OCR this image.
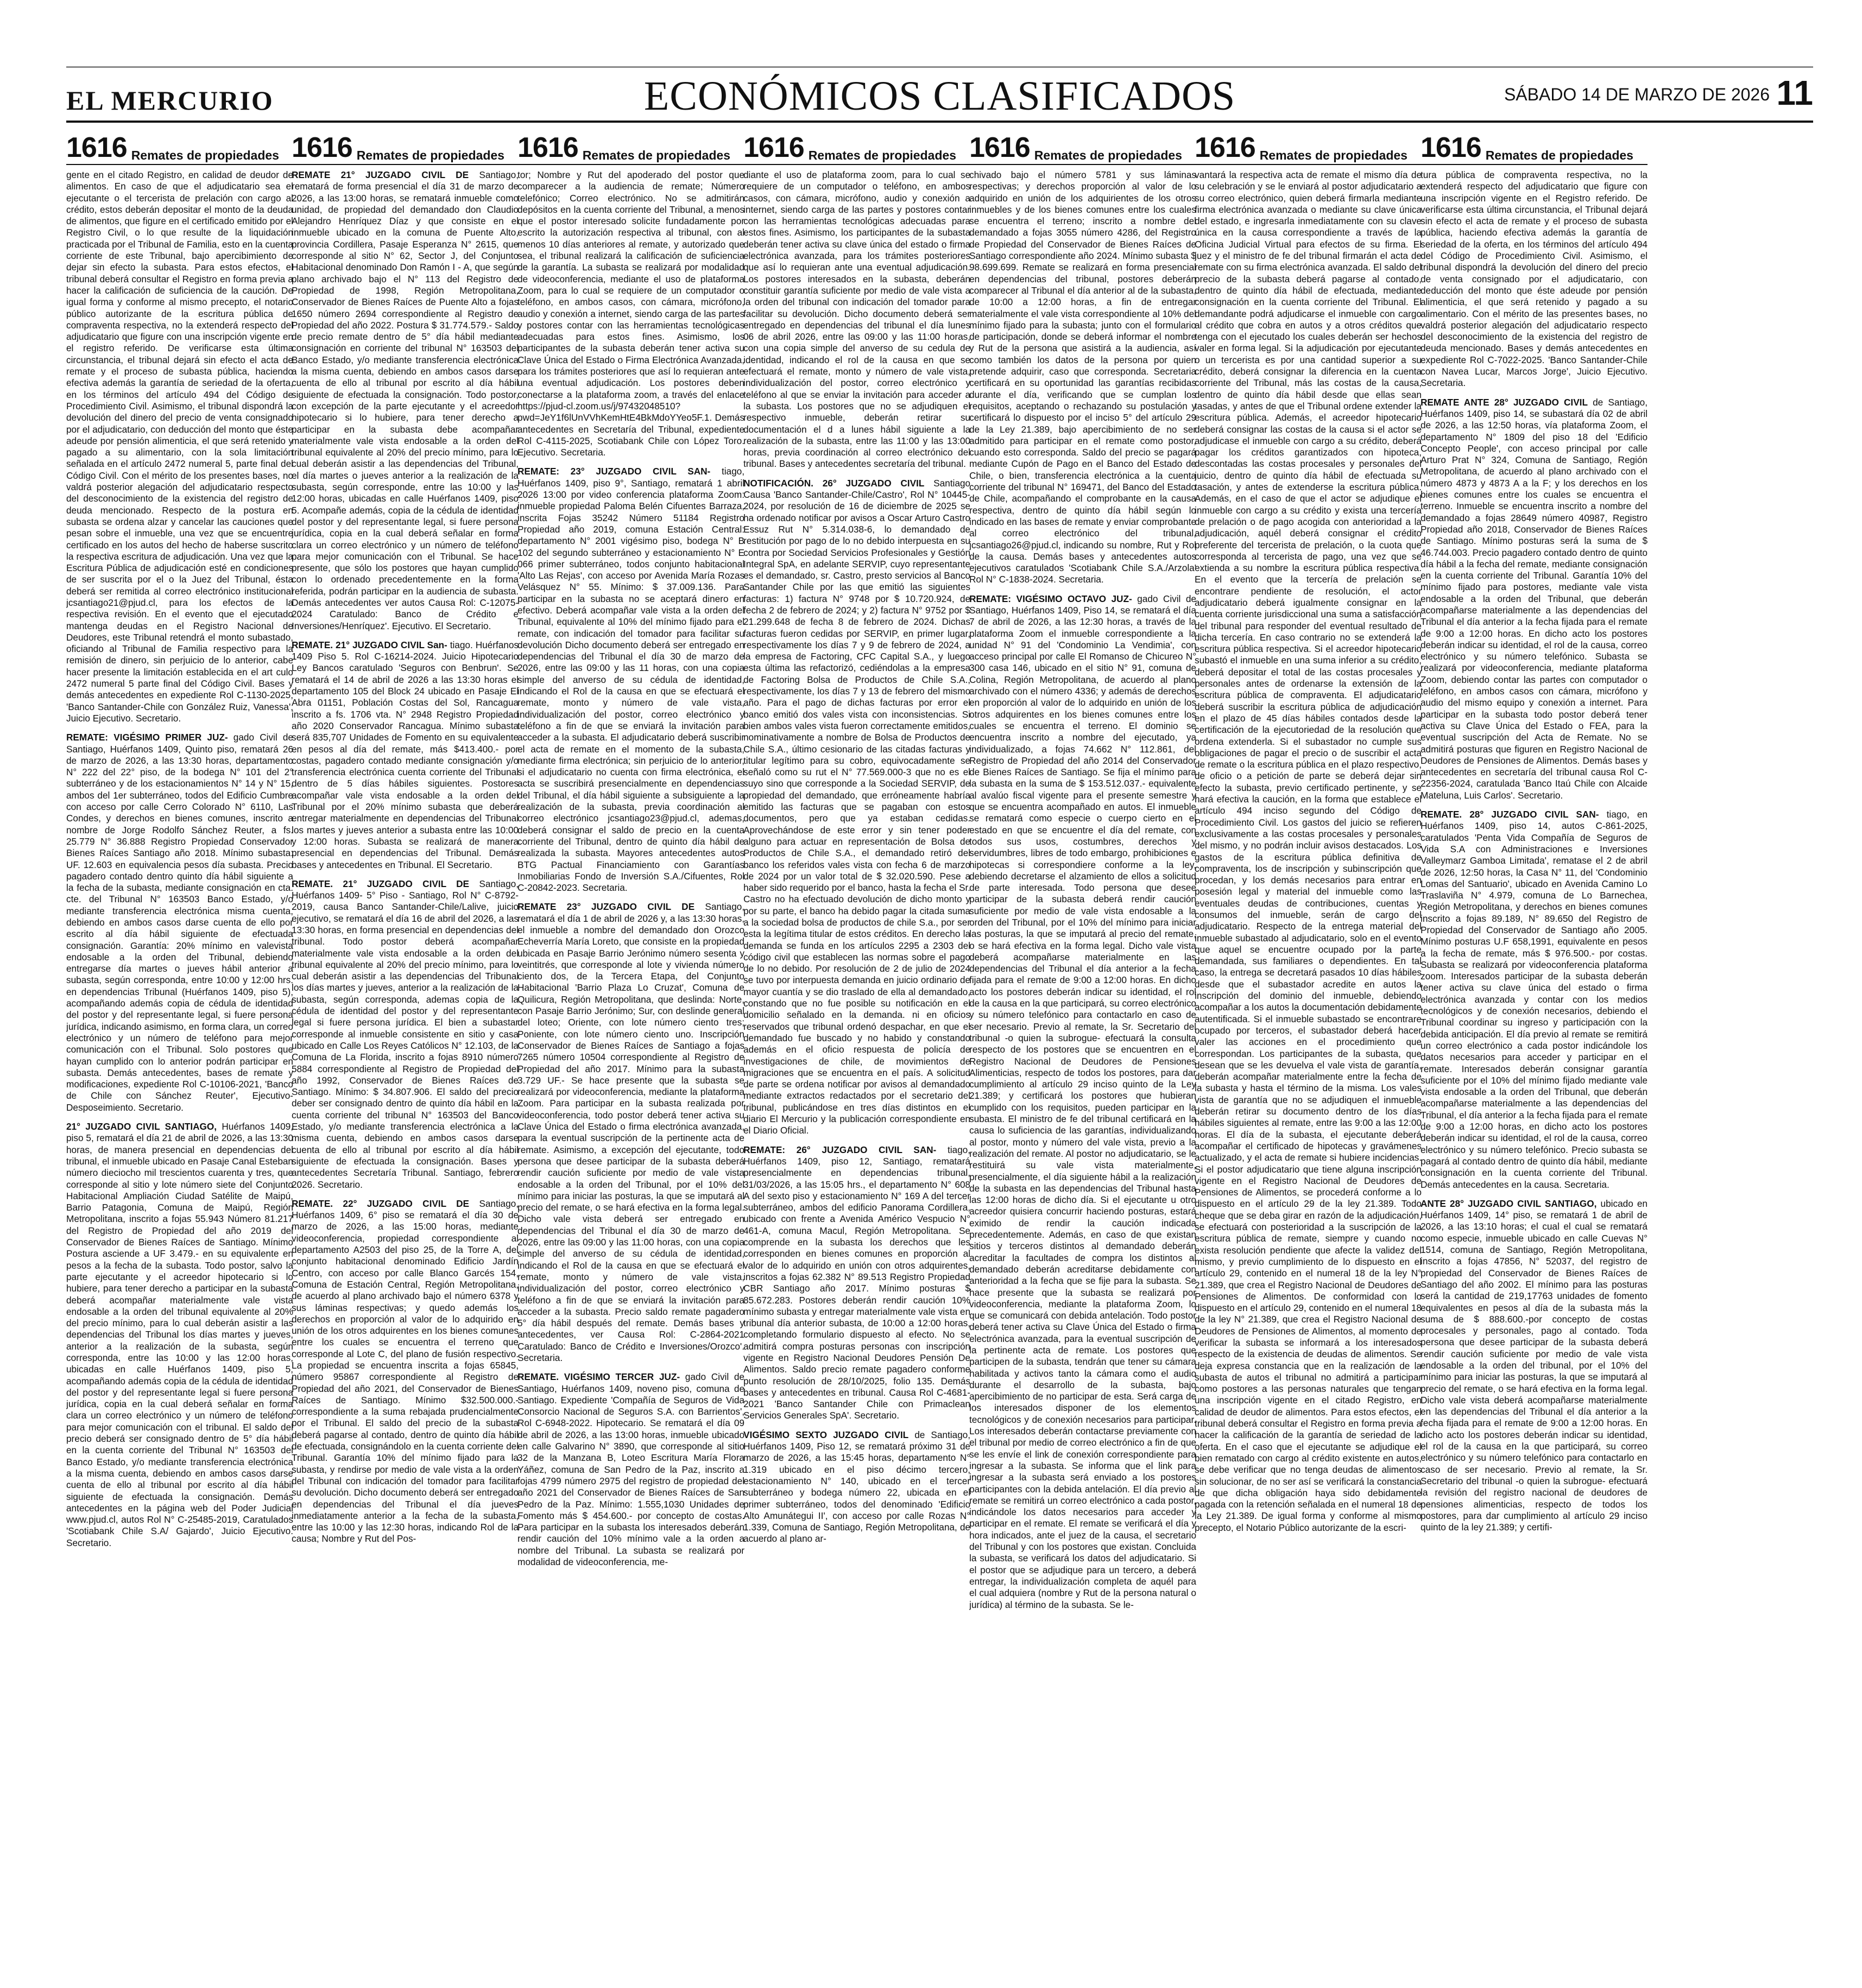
EL MERCURIO	ECONÓMICOS CLASIFICADOS	SÁBADO 14 DE MARZO DE 2026 11
1616 Remates de propiedades

gente en el citado Registro, en calidad de deudor de alimentos. En caso de que el adjudicatario sea el ejecutante o el tercerista de prelación con cargo al crédito, estos deberán depositar el monto de la deuda de alimentos, que figure en el certificado emitido por el Registro Civil, o lo que resulte de la liquidación practicada por el Tribunal de Familia, esto en la cuenta corriente de este Tribunal, bajo apercibimiento de dejar sin efecto la subasta. Para estos efectos, el tribunal deberá consultar el Registro en forma previa a hacer la calificación de suficiencia de la caución. De igual forma y conforme al mismo precepto, el notario público autorizante de la escritura pública de compraventa respectiva, no la extenderá respecto del adjudicatario que figure con una inscripción vigente en el registro referido. De verificarse esta última circunstancia, el tribunal dejará sin efecto el acta de remate y el proceso de subasta pública, haciendo efectiva además la garantía de seriedad de la oferta, en los términos del artículo 494 del Código de Procedimiento Civil. Asimismo, el tribunal dispondrá la devolución del dinero del precio de venta consignado por el adjudicatario, con deducción del monto que éste adeude por pensión alimenticia, el que será retenido y pagado a su alimentario, con la sola limitación señalada en el artículo 2472 numeral 5, parte final del Código Civil. Con el mérito de los presentes bases, no valdrá posterior alegación del adjudicatario respecto del desconocimiento de la existencia del registro de deuda mencionado. Respecto de la postura en subasta se ordena alzar y cancelar las cauciones que pesan sobre el inmueble, una vez que se encuentre certificado en los autos del hecho de haberse suscrito la respectiva escritura de adjudicación. Una vez que la Escritura Pública de adjudicación esté en condiciones de ser suscrita por el o la Juez del Tribunal, ésta deberá ser remitida al correo electrónico institucional jcsantiago21@pjud.cl, para los efectos de la respectiva revisión. En el evento que el ejecutado mantenga deudas en el Registro Nacional de Deudores, este Tribunal retendrá el monto subastado, oficiando al Tribunal de Familia respectivo para la remisión de dinero, sin perjuicio de lo anterior, cabe hacer presente la limitación establecida en el art culo 2472 numeral 5 parte final del Código Civil. Bases y demás antecedentes en expediente Rol C-1130-2025, 'Banco Santander-Chile con González Ruiz, Vanessa', Juicio Ejecutivo. Secretario.

REMATE: VIGÉSIMO PRIMER JUZ- gado Civil de Santiago, Huérfanos 1409, Quinto piso, rematará 26 de marzo de 2026, a las 13:30 horas, departamento N° 222 del 22° piso, de la bodega N° 101 del 2° subterráneo y de los estacionamientos N° 14 y N° 15, ambos del 1er subterráneo, todos del Edificio Cumbre con acceso por calle Cerro Colorado N° 6110, Las Condes, y derechos en bienes comunes, inscrito a nombre de Jorge Rodolfo Sánchez Reuter, a fs. 25.779 N° 36.888 Registro Propiedad Conservador Bienes Raíces Santiago año 2018. Mínimo subasta: UF. 12.603 en equivalencia pesos día subasta. Precio pagadero contado dentro quinto día hábil siguiente a la fecha de la subasta, mediante consignación en cta. cte. del Tribunal N° 163503 Banco Estado, y/o mediante transferencia electrónica misma cuenta, debiendo en ambos casos darse cuenta de ello por escrito al día hábil siguiente de efectuada consignación. Garantía: 20% mínimo en valevista endosable a la orden del Tribunal, debiendo entregarse día martes o jueves hábil anterior a subasta, según corresponda, entre 10:00 y 12:00 hrs. en dependencias Tribunal (Huérfanos 1409, piso 5), acompañando además copia de cédula de identidad del postor y del representante legal, si fuere persona jurídica, indicando asimismo, en forma clara, un correo electrónico y un número de teléfono para mejor comunicación con el Tribunal. Solo postores que hayan cumplido con lo anterior podrán participar en subasta. Demás antecedentes, bases de remate y modificaciones, expediente Rol C-10106-2021, 'Banco de Chile con Sánchez Reuter', Ejecutivo-Desposeimiento. Secretario.

21° JUZGADO CIVIL SANTIAGO, Huérfanos 1409, piso 5, rematará el día 21 de abril de 2026, a las 13:30 horas, de manera presencial en dependencias del tribunal, el inmueble ubicado en Pasaje Canal Esteban número dieciocho mil trescientos cuarenta y tres, que corresponde al sitio y lote número siete del Conjunto Habitacional Ampliación Ciudad Satélite de Maipú, Barrio Patagonia, Comuna de Maipú, Región Metropolitana, inscrito a fojas 55.943 Número 81.217 del Registro de Propiedad del año 2019 del Conservador de Bienes Raíces de Santiago. Mínimo Postura asciende a UF 3.479.- en su equivalente en pesos a la fecha de la subasta. Todo postor, salvo la parte ejecutante y el acreedor hipotecario si lo hubiere, para tener derecho a participar en la subasta deberá acompañar materialmente vale vista endosable a la orden del tribunal equivalente al 20% del precio mínimo, para lo cual deberán asistir a las dependencias del Tribunal los días martes y jueves, anterior a la realización de la subasta, según corresponda, entre las 10:00 y las 12:00 horas, ubicadas en calle Huérfanos 1409, piso 5, acompañando además copia de la cédula de identidad del postor y del representante legal si fuere persona jurídica, copia en la cual deberá señalar en forma clara un correo electrónico y un número de teléfono para mejor comunicación con el tribunal. El saldo del precio deberá ser consignado dentro de 5° día hábil en la cuenta corriente del Tribunal N° 163503 del Banco Estado, y/o mediante transferencia electrónica a la misma cuenta, debiendo en ambos casos darse cuenta de ello al tribunal por escrito al día hábil siguiente de efectuada la consignación. Demás antecedentes en la página web del Poder Judicial www.pjud.cl, autos Rol N° C-25485-2019, Caratulados 'Scotiabank Chile S.A/ Gajardo', Juicio Ejecutivo. Secretario.

1616 Remates de propiedades

REMATE 21° JUZGADO CIVIL DE Santiago, rematará de forma presencial el día 31 de marzo de 2026, a las 13:00 horas, se rematará inmueble como unidad, de propiedad del demandado don Claudio Alejandro Henríquez Díaz y que consiste en el inmueble ubicado en la comuna de Puente Alto, provincia Cordillera, Pasaje Esperanza N° 2615, que corresponde al sitio N° 62, Sector J, del Conjunto Habitacional denominado Don Ramón I - A, que según plano archivado bajo el N° 113 del Registro de Propiedad de 1998, Región Metropolitana, Conservador de Bienes Raíces de Puente Alto a fojas 1650 número 2694 correspondiente al Registro de Propiedad del año 2022. Postura $ 31.774.579.- Saldo de precio remate dentro de 5° día hábil mediante consignación en corriente del tribunal N° 163503 del Banco Estado, y/o mediante transferencia electrónica a la misma cuenta, debiendo en ambos casos darse cuenta de ello al tribunal por escrito al día hábil siguiente de efectuada la consignación. Todo postor, con excepción de la parte ejecutante y el acreedor hipotecario si lo hubiere, para tener derecho a participar en la subasta debe acompañar materialmente vale vista endosable a la orden del tribunal equivalente al 20% del precio mínimo, para lo cual deberán asistir a las dependencias del Tribunal, el día martes o jueves anterior a la realización de la subasta, según corresponde, entre las 10:00 y las 12:00 horas, ubicadas en calle Huérfanos 1409, piso 5. Acompañe además, copia de la cédula de identidad del postor y del representante legal, si fuere persona jurídica, copia en la cual deberá señalar en forma clara un correo electrónico y un número de teléfono para mejor comunicación con el Tribunal. Se hace presente, que sólo los postores que hayan cumplido con lo ordenado precedentemente en la forma referida, podrán participar en la audiencia de subasta. Demás antecedentes ver autos Causa Rol: C-12075-2024 Caratulado: Banco de Crédito e Inversiones/Henríquez'. Ejecutivo. El Secretario.

REMATE. 21° JUZGADO CIVIL San- tiago. Huérfanos 1409 Piso 5. Rol C-16214-2024. Juicio Hipotecario Ley Bancos caratulado 'Seguros con Benbrun'. Se rematará el 14 de abril de 2026 a las 13:30 horas el departamento 105 del Block 24 ubicado en Pasaje El Abra 01151, Población Costas del Sol, Rancagua inscrito a fs. 1706 vta. N° 2948 Registro Propiedad año 2020 Conservador Rancagua. Mínimo subasta será 835,707 Unidades de Fomento en su equivalente en pesos al día del remate, más $413.400.- por costas, pagadero contado mediante consignación y/o transferencia electrónica cuenta corriente del Tribunal dentro de 5 días hábiles siguientes. Postores acompañar vale vista endosable a la orden del Tribunal por el 20% mínimo subasta que deberá entregar materialmente en dependencias del Tribunal los martes y jueves anterior a subasta entre las 10:00 y 12:00 horas. Subasta se realizará de manera presencial en dependencias del Tribunal. Demás bases y antecedentes en Tribunal. El Secretario.

REMATE. 21° JUZGADO CIVIL DE Santiago, Huérfanos 1409- 5° Piso - Santiago, Rol N° C-8792-2019, causa Banco Santander-Chile/Lalive, juicio ejecutivo, se rematará el día 16 de abril del 2026, a las 13:30 horas, en forma presencial en dependencias del tribunal. Todo postor deberá acompañar materialmente vale vista endosable a la orden del tribunal equivalente al 20% del precio mínimo, para lo cual deberán asistir a las dependencias del Tribunal los días martes y jueves, anterior a la realización de la subasta, según corresponda, ademas copia de la cédula de identidad del postor y del representante legal si fuere persona jurídica. El bien a subastar corresponde al inmueble consistente en sitio y casa ubicado en Calle Los Reyes Católicos N° 12.103, de la Comuna de La Florida, inscrito a fojas 8910 número 5884 correspondiente al Registro de Propiedad del año 1992, Conservador de Bienes Raíces de Santiago. Mínimo: $ 34.807.906. El saldo del precio deber ser consignado dentro de quinto día hábil en la cuenta corriente del tribunal N° 163503 del Banco Estado, y/o mediante transferencia electrónica a la misma cuenta, debiendo en ambos casos darse cuenta de ello al tribunal por escrito al día hábil siguiente de efectuada la consignación. Bases y antecedentes Secretaría Tribunal. Santiago, febrero 2026. Secretario.

REMATE. 22° JUZGADO CIVIL DE Santiago, Huérfanos 1409, 6° piso se rematará el día 30 de marzo de 2026, a las 15:00 horas, mediante videoconferencia, propiedad correspondiente al departamento A2503 del piso 25, de la Torre A, del conjunto habitacional denominado Edificio Jardín Centro, con acceso por calle Blanco Garcés 154, Comuna de Estación Central, Región Metropolitana, de acuerdo al plano archivado bajo el número 6378 y sus láminas respectivas; y quedo además los derechos en proporción al valor de lo adquirido en unión de los otros adquirentes en los bienes comunes entre los cuales se encuentra el terreno que corresponde al Lote C, del plano de fusión respectivo. La propiedad se encuentra inscrita a fojas 65845, número 95867 correspondiente al Registro de Propiedad del año 2021, del Conservador de Bienes Raíces de Santiago. Mínimo $32.500.000.- correspondiente a la suma rebajada prudencialmente por el Tribunal. El saldo del precio de la subasta deberá pagarse al contado, dentro de quinto día hábil de efectuada, consignándolo en la cuenta corriente del Tribunal. Garantía 10% del mínimo fijado para la subasta, y rendirse por medio de vale vista a la orden del Tribunal con indicación del tomador para facilitar su devolución. Dicho documento deberá ser entregado en dependencias del Tribunal el día jueves inmediatamente anterior a la fecha de la subasta, entre las 10:00 y las 12:30 horas, indicando Rol de la causa; Nombre y Rut del Pos-

1616 Remates de propiedades

tor; Nombre y Rut del apoderado del postor que comparecer a la audiencia de remate; Número telefónico; Correo electrónico. No se admitirán depósitos en la cuenta corriente del Tribunal, a menos que el postor interesado solicite fundadamente por escrito la autorización respectiva al tribunal, con al menos 10 días anteriores al remate, y autorizado que sea, el tribunal realizará la calificación de suficiencia de la garantía. La subasta se realizará por modalidad de videoconferencia, mediante el uso de plataforma Zoom, para lo cual se requiere de un computador o teléfono, en ambos casos, con cámara, micrófono, audio y conexión a internet, siendo carga de las partes y postores contar con las herramientas tecnológicas adecuadas para estos fines. Asimismo, los participantes de la subasta deberán tener activa su Clave Única del Estado o Firma Electrónica Avanzada, para los trámites posteriores que así lo requieran ante una eventual adjudicación. Los postores deben conectarse a la plataforma zoom, a través del enlace https://pjud-cl.zoom.us/j/97432048510?pwd=JeY1f6lUnVVhKemHtE4BkMdoYYeo5F.1. Demás antecedentes en Secretaría del Tribunal, expediente Rol C-4115-2025, Scotiabank Chile con López Toro. Ejecutivo. Secretaria.

REMATE: 23° JUZGADO CIVIL SAN- tiago, Huérfanos 1409, piso 9°, Santiago, rematará 1 abril 2026 13:00 por video conferencia plataforma Zoom: inmueble propiedad Paloma Belén Cifuentes Barraza, inscrita Fojas 35242 Número 51184 Registro Propiedad año 2019, comuna Estación Central: departamento N° 2001 vigésimo piso, bodega N° B 102 del segundo subterráneo y estacionamiento N° E 066 primer subterráneo, todos conjunto habitacional 'Alto Las Rejas', con acceso por Avenida María Rozas Velásquez N° 55. Mínimo: $ 37.009.136. Para participar en la subasta no se aceptará dinero en efectivo. Deberá acompañar vale vista a la orden del Tribunal, equivalente al 10% del mínimo fijado para el remate, con indicación del tomador para facilitar su devolución Dicho documento deberá ser entregado en dependencias del Tribunal el día 30 de marzo de 2026, entre las 09:00 y las 11 horas, con una copia simple del anverso de su cédula de identidad, indicando el Rol de la causa en que se efectuará el remate, monto y número de vale vista, individualización del postor, correo electrónico y teléfono a fin de que se enviará la invitación para acceder a la subasta. El adjudicatario deberá suscribir el acta de remate en el momento de la subasta, mediante firma electrónica; sin perjuicio de lo anterior, si el adjudicatario no cuenta con firma electrónica, el acta se suscribirá presencialmente en dependencias del Tribunal, el día hábil siguiente a subsiguiente a la realización de la subasta, previa coordinación al correo electrónico jcsantiago23@pjud.cl, ademas, deberá consignar el saldo de precio en la cuenta corriente del Tribunal, dentro de quinto día hábil de realizada la subasta. Mayores antecedentes autos BTG Pactual Financiamiento con Garantías Inmobiliarias Fondo de Inversión S.A./Cifuentes, Rol C-20842-2023. Secretaria.

REMATE 23° JUZGADO CIVIL DE Santiago, rematará el día 1 de abril de 2026 y, a las 13:30 horas, el inmueble a nombre del demandado don Orozco Echeverría María Loreto, que consiste en la propiedad ubicada en Pasaje Barrio Jerónimo número sesenta y veintitrés, que corresponde al lote y vivienda número ciento dos, de la Tercera Etapa, del Conjunto Habitacional 'Barrio Plaza Lo Cruzat', Comuna de Quilicura, Región Metropolitana, que deslinda: Norte, con Pasaje Barrio Jerónimo; Sur, con deslinde general del loteo; Oriente, con lote número ciento tres; Poniente, con lote número ciento uno. Inscripción Conservador de Bienes Raíces de Santiago a fojas 7265 número 10504 correspondiente al Registro de Propiedad del año 2017. Mínimo para la subasta 3.729 UF.- Se hace presente que la subasta se realizará por videoconferencia, mediante la plataforma Zoom. Para participar en la subasta realizada por videoconferencia, todo postor deberá tener activa su Clave Única del Estado o firma electrónica avanzada, para la eventual suscripción de la pertinente acta de remate. Asimismo, a excepción del ejecutante, todo persona que desee participar de la subasta deberá rendir caución suficiente por medio de vale vista endosable a la orden del Tribunal, por el 10% del mínimo para iniciar las posturas, la que se imputará al precio del remate, o se hará efectiva en la forma legal. Dicho vale vista deberá ser entregado en dependencias del Tribunal el día 30 de marzo de 2026, entre las 09:00 y las 11:00 horas, con una copia simple del anverso de su cédula de identidad, indicando el Rol de la causa en que se efectuará el remate, monto y número de vale vista, individualización del postor, correo electrónico y teléfono a fin de que se enviará la invitación para acceder a la subasta. Precio saldo remate pagadero 5° día hábil después del remate. Demás bases y antecedentes, ver Causa Rol: C-2864-2021 Caratulado: Banco de Crédito e Inversiones/Orozco'. Secretaria.

REMATE. VIGÉSIMO TERCER JUZ- gado Civil de Santiago, Huérfanos 1409, noveno piso, comuna de Santiago. Expediente 'Compañía de Seguros de Vida Consorcio Nacional de Seguros S.A. con Barrientos', Rol C-6948-2022. Hipotecario. Se rematará el día 09 de abril de 2026, a las 13:00 horas, inmueble ubicado en calle Galvarino N° 3890, que corresponde al sitio 32 de la Manzana B, Loteo Escritura María Flora Yáñez, comuna de San Pedro de la Paz, inscrito a fojas 4799 número 2975 del registro de propiedad del año 2021 del Conservador de Bienes Raíces de San Pedro de la Paz. Mínimo: 1.555,1030 Unidades de Fomento más $ 454.600.- por concepto de costas. Para participar en la subasta los interesados deberán rendir caución del 10% mínimo vale a la orden a nombre del Tribunal. La subasta se realizará por modalidad de videoconferencia, me-

1616 Remates de propiedades

diante el uso de plataforma zoom, para lo cual se requiere de un computador o teléfono, en ambos casos, con cámara, micrófono, audio y conexión a internet, siendo carga de las partes y postores contar con las herramientas tecnológicas adecuadas para estos fines. Asimismo, los participantes de la subasta deberán tener activa su clave única del estado o firma electrónica avanzada, para los trámites posteriores que así lo requieran ante una eventual adjudicación. Los postores interesados en la subasta, deberán constituir garantía suficiente por medio de vale vista a la orden del tribunal con indicación del tomador para facilitar su devolución. Dicho documento deberá ser entregado en dependencias del tribunal el día lunes 06 de abril 2026, entre las 09:00 y las 11:00 horas, con una copia simple del anverso de su cedula de identidad, indicando el rol de la causa en que se efectuará el remate, monto y número de vale vista, individualización del postor, correo electrónico y teléfono al que se enviar la invitación para acceder a la subasta. Los postores que no se adjudiquen el respectivo inmueble, deberán retirar su documentación el d a lunes hábil siguiente a la realización de la subasta, entre las 11:00 y las 13:00 horas, previa coordinación al correo electrónico del tribunal. Bases y antecedentes secretaría del tribunal.

NOTIFICACIÓN. 26° JUZGADO CIVIL Santiago Causa 'Banco Santander-Chile/Castro', Rol N° 10445-2024, por resolución de 16 de diciembre de 2025 se ha ordenado notificar por avisos a Oscar Arturo Castro Essuz Rut N° 5.314.038-6, lo demandado de restitución por pago de lo no debido interpuesta en su contra por Sociedad Servicios Profesionales y Gestión Integral SpA, en adelante SERVIP, cuyo representante es el demandado, sr. Castro, presto servicios al Banco Santander Chile por las que emitió las siguientes facturas: 1) factura N° 9748 por $ 10.720.924, de fecha 2 de febrero de 2024; y 2) factura N° 9752 por $ 21.299.648 de fecha 8 de febrero de 2024. Dichas facturas fueron cedidas por SERVIP, en primer lugar, respectivamente los días 7 y 9 de febrero de 2024, a la empresa de Factoring, CFC Capital S.A., y luego esta última las refactorizó, cediéndolas a la empresa de Factoring Bolsa de Productos de Chile S.A., respectivamente, los días 7 y 13 de febrero del mismo año. Para el pago de dichas facturas por error el banco emitió dos vales vista con inconsistencias. Si bien ambos vales vista fueron correctamente emitidos, nominativamente a nombre de Bolsa de Productos de Chile S.A., último cesionario de las citadas facturas y titular legítimo para su cobro, equivocadamente se señaló como su rut el N° 77.569.000-3 que no es el suyo sino que corresponde a la Sociedad SERVIP, de propiedad del demandado, que erróneamente habría emitido las facturas que se pagaban con estos documentos, pero que ya estaban cedidas. Aprovechándose de este error y sin tener poder alguno para actuar en representación de Bolsa de Productos de Chile S.A., el demandado retiró del banco los referidos vales vista con fecha 6 de marzo de 2024 por un valor total de $ 32.020.590. Pese a haber sido requerido por el banco, hasta la fecha el Sr. Castro no ha efectuado devolución de dicho monto y por su parte, el banco ha debido pagar la citada suma a la sociedad bolsa de productos de chile S.a., por ser esta la legítima titular de estos créditos. En derecho la demanda se funda en los artículos 2295 a 2303 del código civil que establecen las normas sobre el pago de lo no debido. Por resolución de 2 de julio de 2024 se tuvo por interpuesta demanda en juicio ordinario de mayor cuantía y se dio traslado de ella al demandado, constando que no fue posible su notificación en el domicilio señalado en la demanda. ni en oficios reservados que tribunal ordenó despachar, en que el demandado fue buscado y no habido y constando además en el oficio respuesta de policía de investigaciones de chile, de movimientos de migraciones que se encuentra en el país. A solicitud de parte se ordena notificar por avisos al demandado mediante extractos redactados por el secretario del tribunal, publicándose en tres días distintos en el diario El Mercurio y la publicación correspondiente en el Diario Oficial.

REMATE: 26° JUZGADO CIVIL SAN- tiago, Huérfanos 1409, piso 12, Santiago, rematará presencialmente en dependencias tribunal, 31/03/2026, a las 15:05 hrs., el departamento N° 608 A del sexto piso y estacionamiento N° 169 A del tercer subterráneo, ambos del edificio Panorama Cordillera, ubicado con frente a Avenida Américo Vespucio N° 461-A, comuna Macul, Región Metropolitana. Se comprende en la subasta los derechos que les corresponden en bienes comunes en proporción al valor de lo adquirido en unión con otros adquirentes, inscritos a fojas 62.382 N° 89.513 Registro Propiedad CBR Santiago año 2017. Mínimo posturas $ 85.672.283. Postores deberán rendir caución 10% mínimo subasta y entregar materialmente vale vista en tribunal día anterior subasta, de 10:00 a 12:00 horas, completando formulario dispuesto al efecto. No se admitirá compra posturas personas con inscripción vigente en Registro Nacional Deudores Pensión De Alimentos. Saldo precio remate pagadero conforme punto resolución de 28/10/2025, folio 135. Demás bases y antecedentes en tribunal. Causa Rol C-4681-2021 'Banco Santander Chile con Primaclean Servicios Generales SpA'. Secretario.

VIGÉSIMO SEXTO JUZGADO CIVIL de Santiago, Huérfanos 1409, Piso 12, se rematará próximo 31 de marzo de 2026, a las 15:45 horas, departamento N° 1.319 ubicado en el piso décimo tercero, estacionamiento N° 140, ubicado en el tercer subterráneo y bodega número 22, ubicada en el primer subterráneo, todos del denominado 'Edificio Alto Amunátegui II', con acceso por calle Rozas N° 1.339, Comuna de Santiago, Región Metropolitana, de acuerdo al plano ar-

1616 Remates de propiedades

chivado bajo el número 5781 y sus láminas respectivas; y derechos proporción al valor de lo adquirido en unión de los adquirientes de los otros inmuebles y de los bienes comunes entre los cuales se encuentra el terreno; inscrito a nombre del demandado a fojas 3055 número 4286, del Registro de Propiedad del Conservador de Bienes Raíces de Santiago correspondiente año 2024. Mínimo subasta $ 98.699.699. Remate se realizará en forma presencial en dependencias del tribunal, postores deberán comparecer al Tribunal el día anterior al de la subasta, de 10:00 a 12:00 horas, a fin de entregar materialmente el vale vista correspondiente al 10% del mínimo fijado para la subasta; junto con el formulario de participación, donde se deberá informar el nombre y Rut de la persona que asistirá a la audiencia, así como también los datos de la persona por quien pretende adquirir, caso que corresponda. Secretaria certificará en su oportunidad las garantías recibidas durante el día, verificando que se cumplan los requisitos, aceptando o rechazando su postulación y certificará lo dispuesto por el inciso 5° del artículo 29 de la Ley 21.389, bajo apercibimiento de no ser admitido para participar en el remate como postor, cuando esto corresponda. Saldo del precio se pagará mediante Cupón de Pago en el Banco del Estado de Chile, o bien, transferencia electrónica a la cuenta corriente del tribunal N° 169471, del Banco del Estado de Chile, acompañando el comprobante en la causa respectiva, dentro de quinto día hábil según lo indicado en las bases de remate y enviar comprobante al correo electrónico del tribunal, jcsantiago26@pjud.cl, indicando su nombre, Rut y Rol de la causa. Demás bases y antecedentes autos ejecutivos caratulados 'Scotiabank Chile S.A./Arzola' Rol N° C-1838-2024. Secretaria.

REMATE: VIGÉSIMO OCTAVO JUZ- gado Civil de Santiago, Huérfanos 1409, Piso 14, se rematará el día 7 de abril de 2026, a las 12:30 horas, a través de la plataforma Zoom el inmueble correspondiente a la unidad N° 91 del 'Condominio La Vendimia', con acceso principal por calle El Romanso de Chicureo N° 300 casa 146, ubicado en el sitio N° 91, comuna de Colina, Región Metropolitana, de acuerdo al plano archivado con el número 4336; y además de derechos en proporción al valor de lo adquirido en unión de los otros adquirentes en los bienes comunes entre los cuales se encuentra el terreno. El dominio se encuentra inscrito a nombre del ejecutado, ya individualizado, a fojas 74.662 N° 112.861, del Registro de Propiedad del año 2014 del Conservador de Bienes Raíces de Santiago. Se fija el mínimo para la subasta en la suma de $ 153.512.037.- equivalente al avalúo fiscal vigente para el presente semestre y que se encuentra acompañado en autos. El inmueble se rematará como especie o cuerpo cierto en el estado en que se encuentre el día del remate, con todos sus usos, costumbres, derechos y servidumbres, libres de todo embargo, prohibiciones e hipotecas si correspondiere conforme a la ley, debiendo decretarse el alzamiento de ellos a solicitud de parte interesada. Todo persona que desee participar de la subasta deberá rendir caución suficiente por medio de vale vista endosable a la orden del Tribunal, por el 10% del mínimo para iniciar las posturas, la que se imputará al precio del remate, o se hará efectiva en la forma legal. Dicho vale vista deberá acompañarse materialmente en las dependencias del Tribunal el día anterior a la fecha fijada para el remate de 9:00 a 12:00 horas. En dicho acto los postores deberán indicar su identidad, el rol de la causa en la que participará, su correo electrónico y su número telefónico para contactarlo en caso de ser necesario. Previo al remate, la Sr. Secretario del tribunal -o quien la subrogue- efectuará la consulta respecto de los postores que se encuentren en el Registro Nacional de Deudores de Pensiones Alimenticias, respecto de todos los postores, para dar cumplimiento al artículo 29 inciso quinto de la Ley 21.389; y certificará los postores que hubieran cumplido con los requisitos, pueden participar en la subasta. El ministro de fe del tribunal certificará en la causa lo suficiencia de las garantías, individualizando al postor, monto y número del vale vista, previo a la realización del remate. Al postor no adjudicatario, se le restituirá su vale vista materialmente, presencialmente, el día siguiente hábil a la realización de la subasta en las dependencias del Tribunal hasta las 12:00 horas de dicho día. Si el ejecutante u otro acreedor quisiera concurrir haciendo posturas, estará eximido de rendir la caución indicada precedentemente. Además, en caso de que existan sitios y terceros distintos al demandado deberán acreditar la facultades de compra los distintos al demandado deberán acreditarse debidamente con anterioridad a la fecha que se fije para la subasta. Se hace presente que la subasta se realizará por videoconferencia, mediante la plataforma Zoom, lo que se comunicará con debida antelación. Todo postor deberá tener activa su Clave Única del Estado o firma electrónica avanzada, para la eventual suscripción de la pertinente acta de remate. Los postores que participen de la subasta, tendrán que tener su cámara habilitada y activos tanto la cámara como el audio durante el desarrollo de la subasta, bajo apercibimiento de no participar de esta. Será carga de los interesados disponer de los elementos tecnológicos y de conexión necesarios para participar. Los interesados deberán contactarse previamente con el tribunal por medio de correo electrónico a fin de que se les envíe el link de conexión correspondiente para ingresar a la subasta. Se informa que el link para ingresar a la subasta será enviado a los postores participantes con la debida antelación. El día previo al remate se remitirá un correo electrónico a cada postor, indicándole los datos necesarios para acceder y participar en el remate. El remate se verificará el día y hora indicados, ante el juez de la causa, el secretario del Tribunal y con los postores que existan. Concluida la subasta, se verificará los datos del adjudicatario. Si el postor que se adjudique para un tercero, a deberá entregar, la individualización completa de aquél para el cual adquiera (nombre y Rut de la persona natural o jurídica) al término de la subasta. Se le-

1616 Remates de propiedades

vantará la respectiva acta de remate el mismo día de su celebración y se le enviará al postor adjudicatario a su correo electrónico, quien deberá firmarla mediante firma electrónica avanzada o mediante su clave única del estado, e ingresarla inmediatamente con su clave única en la causa correspondiente a través de la Oficina Judicial Virtual para efectos de su firma. El juez y el ministro de fe del tribunal firmarán el acta de remate con su firma electrónica avanzada. El saldo del precio de la subasta deberá pagarse al contado, dentro de quinto día hábil de efectuada, mediante consignación en la cuenta corriente del Tribunal. El demandante podrá adjudicarse el inmueble con cargo al crédito que cobra en autos y a otros créditos que tenga con el ejecutado los cuales deberán ser hechos valer en forma legal. Si la adjudicación por ejecutante o un tercerista es por una cantidad superior a su crédito, deberá consignar la diferencia en la cuenta corriente del Tribunal, más las costas de la causa, dentro de quinto día hábil desde que ellas sean tasadas, y antes de que el Tribunal ordene extender la escritura pública. Además, el acreedor hipotecario deberá consignar las costas de la causa si el actor se adjudicase el inmueble con cargo a su crédito, deberá pagar los créditos garantizados con hipoteca, descontadas las costas procesales y personales del juicio, dentro de quinto día hábil de efectuada su tasación, y antes de extenderse la escritura pública. Además, en el caso de que el actor se adjudique el inmueble con cargo a su crédito y exista una tercería de prelación o de pago acogida con anterioridad a la adjudicación, aquél deberá consignar el crédito preferente del tercerista de prelación, o la cuota que corresponda al tercerista de pago, una vez que se extienda a su nombre la escritura pública respectiva. En el evento que la tercería de prelación se encontrare pendiente de resolución, el actor adjudicatario deberá igualmente consignar en la cuenta corriente jurisdiccional una suma a satisfacción del tribunal para responder del eventual resultado de dicha tercería. En caso contrario no se extenderá la escritura pública respectiva. Si el acreedor hipotecario subastó el inmueble en una suma inferior a su crédito, deberá depositar el total de las costas procesales y personales antes de ordenarse la extensión de la escritura pública de compraventa. El adjudicatario deberá suscribir la escritura pública de adjudicación en el plazo de 45 días hábiles contados desde la certificación de la ejecutoriedad de la resolución que ordena extenderla. Si el subastador no cumple sus obligaciones de pagar el precio o de suscribir el acta de remate o la escritura pública en el plazo respectivo, de oficio o a petición de parte se deberá dejar sin efecto la subasta, previo certificado pertinente, y se hará efectiva la caución, en la forma que establece el artículo 494 inciso segundo del Código de Procedimiento Civil. Los gastos del juicio se refieren exclusivamente a las costas procesales y personales del mismo, y no podrán incluir avisos destacados. Los gastos de la escritura pública definitiva de compraventa, los de inscripción y subinscripción que procedan, y los demás necesarios para entrar en posesión legal y material del inmueble como las eventuales deudas de contribuciones, cuentas y consumos del inmueble, serán de cargo del adjudicatario. Respecto de la entrega material del inmueble subastado al adjudicatario, solo en el evento que aquel se encuentre ocupado por la parte demandada, sus familiares o dependientes. En tal caso, la entrega se decretará pasados 10 días hábiles desde que el subastador acredite en autos la inscripción del dominio del inmueble, debiendo acompañar a los autos la documentación debidamente autentificada. Si el inmueble subastado se encontrare ocupado por terceros, el subastador deberá hacer valer las acciones en el procedimiento que correspondan. Los participantes de la subasta, que desean que se les devuelva el vale vista de garantía, deberán acompañar materialmente entre la fecha de la subasta y hasta el término de la misma. Los vales vista de garantía que no se adjudiquen el inmueble deberán retirar su documento dentro de los días hábiles siguientes al remate, entre las 9:00 a las 12:00 horas. El día de la subasta, el ejecutante deberá acompañar el certificado de hipotecas y gravámenes actualizado, y el acta de remate si hubiere incidencias. Si el postor adjudicatario que tiene alguna inscripción vigente en el Registro Nacional de Deudores de Pensiones de Alimentos, se procederá conforme a lo dispuesto en el artículo 29 de la ley 21.389. Todo cheque que se deba girar en razón de la adjudicación, se efectuará con posterioridad a la suscripción de la escritura pública de remate, siempre y cuando no exista resolución pendiente que afecte la validez del mismo, y previo cumplimiento de lo dispuesto en el artículo 29, contenido en el numeral 18 de la ley N° 21.389, que crea el Registro Nacional de Deudores de Pensiones de Alimentos. De conformidad con lo dispuesto en el artículo 29, contenido en el numeral 18 de la ley N° 21.389, que crea el Registro Nacional de Deudores de Pensiones de Alimentos, al momento de verificar la subasta se informará a los interesados respecto de la existencia de deudas de alimentos. Se deja expresa constancia que en la realización de la subasta de autos el tribunal no admitirá a participar como postores a las personas naturales que tengan una inscripción vigente en el citado Registro, en calidad de deudor de alimentos. Para estos efectos, el tribunal deberá consultar el Registro en forma previa a hacer la calificación de la garantía de seriedad de la oferta. En el caso que el ejecutante se adjudique el bien rematado con cargo al crédito existente en autos, se debe verificar que no tenga deudas de alimentos sin solucionar, de no ser así se verificará la constancia de que dicha obligación haya sido debidamente pagada con la retención señalada en el numeral 18 de la Ley 21.389. De igual forma y conforme al mismo precepto, el Notario Público autorizante de la escri-

1616 Remates de propiedades

tura pública de compraventa respectiva, no la extenderá respecto del adjudicatario que figure con una inscripción vigente en el Registro referido. De verificarse esta última circunstancia, el Tribunal dejará sin efecto el acta de remate y el proceso de subasta pública, haciendo efectiva además la garantía de seriedad de la oferta, en los términos del artículo 494 del Código de Procedimiento Civil. Asimismo, el tribunal dispondrá la devolución del dinero del precio de venta consignado por el adjudicatario, con deducción del monto que éste adeude por pensión alimenticia, el que será retenido y pagado a su alimentario. Con el mérito de las presentes bases, no valdrá posterior alegación del adjudicatario respecto del desconocimiento de la existencia del registro de deuda mencionado. Bases y demás antecedentes en expediente Rol C-7022-2025. 'Banco Santander-Chile con Navea Lucar, Marcos Jorge', Juicio Ejecutivo. Secretaria.

REMATE ANTE 28° JUZGADO CIVIL de Santiago, Huérfanos 1409, piso 14, se subastará día 02 de abril de 2026, a las 12:50 horas, vía plataforma Zoom, el departamento N° 1809 del piso 18 del 'Edificio Concepto People', con acceso principal por calle Arturo Prat N° 324, Comuna de Santiago, Región Metropolitana, de acuerdo al plano archivado con el número 4873 y 4873 A a la F; y los derechos en los bienes comunes entre los cuales se encuentra el terreno. Inmueble se encuentra inscrito a nombre del demandado a fojas 28649 número 40987, Registro Propiedad año 2018, Conservador de Bienes Raíces de Santiago. Mínimo posturas será la suma de $ 46.744.003. Precio pagadero contado dentro de quinto día hábil a la fecha del remate, mediante consignación en la cuenta corriente del Tribunal. Garantía 10% del mínimo fijado para postores, mediante vale vista endosable a la orden del Tribunal, que deberán acompañarse materialmente a las dependencias del Tribunal el día anterior a la fecha fijada para el remate de 9:00 a 12:00 horas. En dicho acto los postores deberán indicar su identidad, el rol de la causa, correo electrónico y su número telefónico. Subasta se realizará por videoconferencia, mediante plataforma Zoom, debiendo contar las partes con computador o teléfono, en ambos casos con cámara, micrófono y audio del mismo equipo y conexión a internet. Para participar en la subasta todo postor deberá tener activa su Clave Única del Estado o FEA, para la eventual suscripción del Acta de Remate. No se admitirá posturas que figuren en Registro Nacional de Deudores de Pensiones de Alimentos. Demás bases y antecedentes en secretaría del tribunal causa Rol C-22356-2024, caratulada 'Banco Itaú Chile con Alcaide Mateluna, Luis Carlos'. Secretario.

REMATE. 28° JUZGADO CIVIL SAN- tiago, en Huérfanos 1409, piso 14, autos C-861-2025, caratulados 'Penta Vida Compañía de Seguros de Vida S.A con Administraciones e Inversiones Valleymarz Gamboa Limitada', rematase el 2 de abril de 2026, 12:50 horas, la Casa N° 11, del 'Condominio Lomas del Santuario', ubicado en Avenida Camino Lo Traslaviña N° 4.979, comuna de Lo Barnechea, Región Metropolitana, y derechos en bienes comunes inscrito a fojas 89.189, N° 89.650 del Registro de Propiedad del Conservador de Santiago año 2005. Mínimo posturas U.F 658,1991, equivalente en pesos a la fecha de remate, más $ 976.500.- por costas. Subasta se realizará por videoconferencia plataforma zoom. Interesados participar de la subasta deberán tener activa su clave única del estado o firma electrónica avanzada y contar con los medios tecnológicos y de conexión necesarios, debiendo el Tribunal coordinar su ingreso y participación con la debida anticipación. El día previo al remate se remitirá un correo electrónico a cada postor indicándole los datos necesarios para acceder y participar en el remate. Interesados deberán consignar garantía suficiente por el 10% del mínimo fijado mediante vale vista endosable a la orden del Tribunal, que deberán acompañarse materialmente a las dependencias del Tribunal, el día anterior a la fecha fijada para el remate de 9:00 a 12:00 horas, en dicho acto los postores deberán indicar su identidad, el rol de la causa, correo electrónico y su número telefónico. Precio subasta se pagará al contado dentro de quinto día hábil, mediante consignación en la cuenta corriente del Tribunal. Demás antecedentes en la causa. Secretaria.

ANTE 28° JUZGADO CIVIL SANTIAGO, ubicado en Huérfanos 1409, 14° piso, se rematará 1 de abril de 2026, a las 13:10 horas; el cual el cual se rematará como especie, inmueble ubicado en calle Cuevas N° 1514, comuna de Santiago, Región Metropolitana, inscrito a fojas 47856, N° 52037, del registro de propiedad del Conservador de Bienes Raíces de Santiago del año 2002. El mínimo para las posturas será la cantidad de 219,17763 unidades de fomento equivalentes en pesos al día de la subasta más la suma de $ 888.600.-por concepto de costas procesales y personales, pago al contado. Toda persona que desee participar de la subasta deberá rendir caución suficiente por medio de vale vista endosable a la orden del tribunal, por el 10% del mínimo para iniciar las posturas, la que se imputará al precio del remate, o se hará efectiva en la forma legal. Dicho vale vista deberá acompañarse materialmente en las dependencias del Tribunal el día anterior a la fecha fijada para el remate de 9:00 a 12:00 horas. En dicho acto los postores deberán indicar su identidad, el rol de la causa en la que participará, su correo electrónico y su número telefónico para contactarlo en caso de ser necesario. Previo al remate, la Sr. Secretario del tribunal -o quien la subrogue- efectuará la revisión del registro nacional de deudores de pensiones alimenticias, respecto de todos los postores, para dar cumplimiento al artículo 29 inciso quinto de la ley 21.389; y certifi-
